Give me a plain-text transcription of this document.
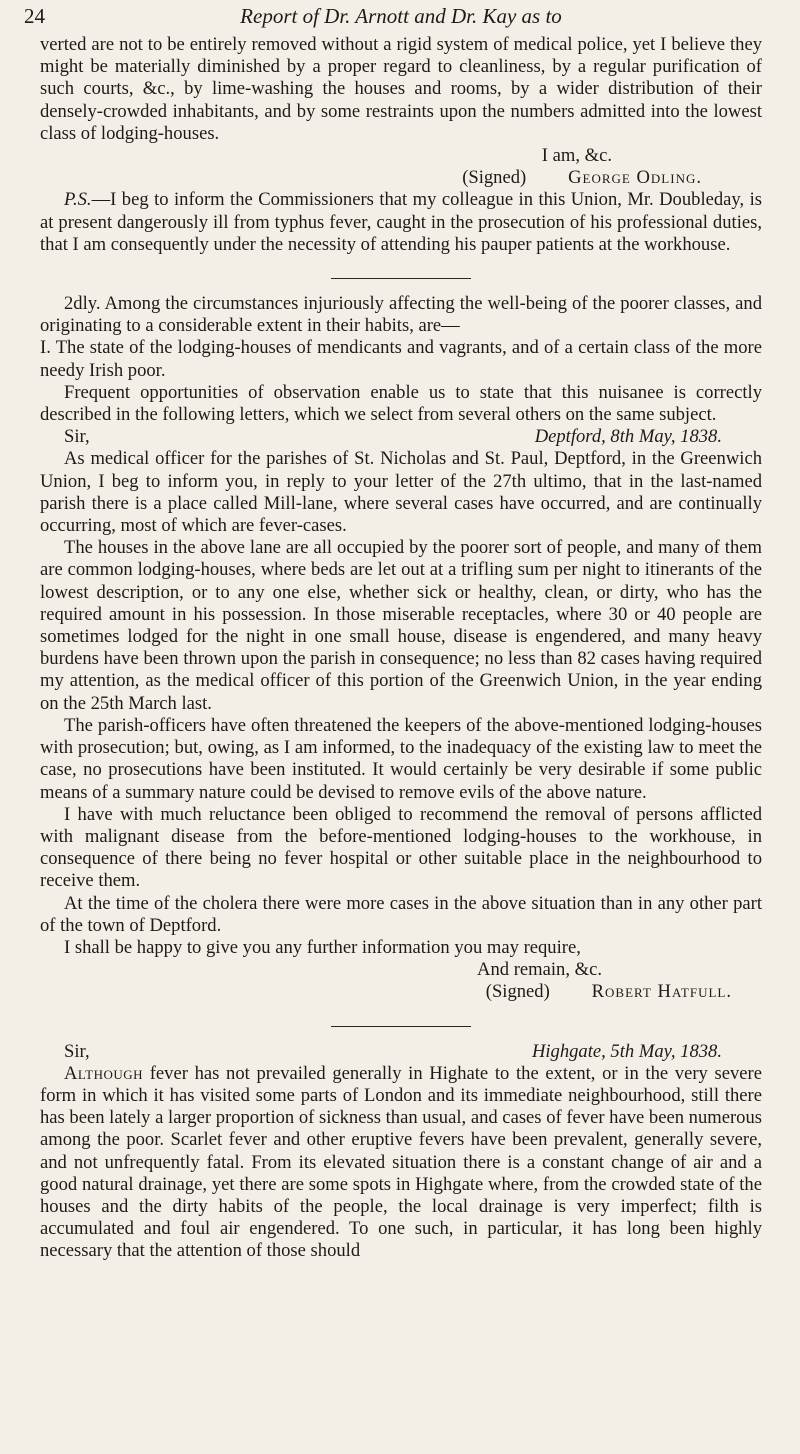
24	Report of Dr. Arnott and Dr. Kay as to

verted are not to be entirely removed without a rigid system of medical police, yet I believe they might be materially diminished by a proper regard to cleanliness, by a regular purification of such courts, &c., by lime-washing the houses and rooms, by a wider distribution of their densely-crowded inhabitants, and by some restraints upon the numbers admitted into the lowest class of lodging-houses.

I am, &c.

(Signed) George Odling.

P.S.—I beg to inform the Commissioners that my colleague in this Union, Mr. Doubleday, is at present dangerously ill from typhus fever, caught in the prosecution of his professional duties, that I am consequently under the necessity of attending his pauper patients at the workhouse.

2dly. Among the circumstances injuriously affecting the well-being of the poorer classes, and originating to a considerable extent in their habits, are—

I. The state of the lodging-houses of mendicants and vagrants, and of a certain class of the more needy Irish poor.

Frequent opportunities of observation enable us to state that this nuisanee is correctly described in the following letters, which we select from several others on the same subject.

Sir,	Deptford, 8th May, 1838.

As medical officer for the parishes of St. Nicholas and St. Paul, Deptford, in the Greenwich Union, I beg to inform you, in reply to your letter of the 27th ultimo, that in the last-named parish there is a place called Mill-lane, where several cases have occurred, and are continually occurring, most of which are fever-cases.

The houses in the above lane are all occupied by the poorer sort of people, and many of them are common lodging-houses, where beds are let out at a trifling sum per night to itinerants of the lowest description, or to any one else, whether sick or healthy, clean, or dirty, who has the required amount in his possession. In those miserable receptacles, where 30 or 40 people are sometimes lodged for the night in one small house, disease is engendered, and many heavy burdens have been thrown upon the parish in consequence; no less than 82 cases having required my attention, as the medical officer of this portion of the Greenwich Union, in the year ending on the 25th March last.

The parish-officers have often threatened the keepers of the above-mentioned lodging-houses with prosecution; but, owing, as I am informed, to the inadequacy of the existing law to meet the case, no prosecutions have been instituted. It would certainly be very desirable if some public means of a summary nature could be devised to remove evils of the above nature.

I have with much reluctance been obliged to recommend the removal of persons afflicted with malignant disease from the before-mentioned lodging-houses to the workhouse, in consequence of there being no fever hospital or other suitable place in the neighbourhood to receive them.

At the time of the cholera there were more cases in the above situation than in any other part of the town of Deptford.

I shall be happy to give you any further information you may require,

And remain, &c.

(Signed) Robert Hatfull.

Sir,	Highgate, 5th May, 1838.

Although fever has not prevailed generally in Highate to the extent, or in the very severe form in which it has visited some parts of London and its immediate neighbourhood, still there has been lately a larger proportion of sickness than usual, and cases of fever have been numerous among the poor. Scarlet fever and other eruptive fevers have been prevalent, generally severe, and not unfrequently fatal. From its elevated situation there is a constant change of air and a good natural drainage, yet there are some spots in Highgate where, from the crowded state of the houses and the dirty habits of the people, the local drainage is very imperfect; filth is accumulated and foul air engendered. To one such, in particular, it has long been highly necessary that the attention of those should
